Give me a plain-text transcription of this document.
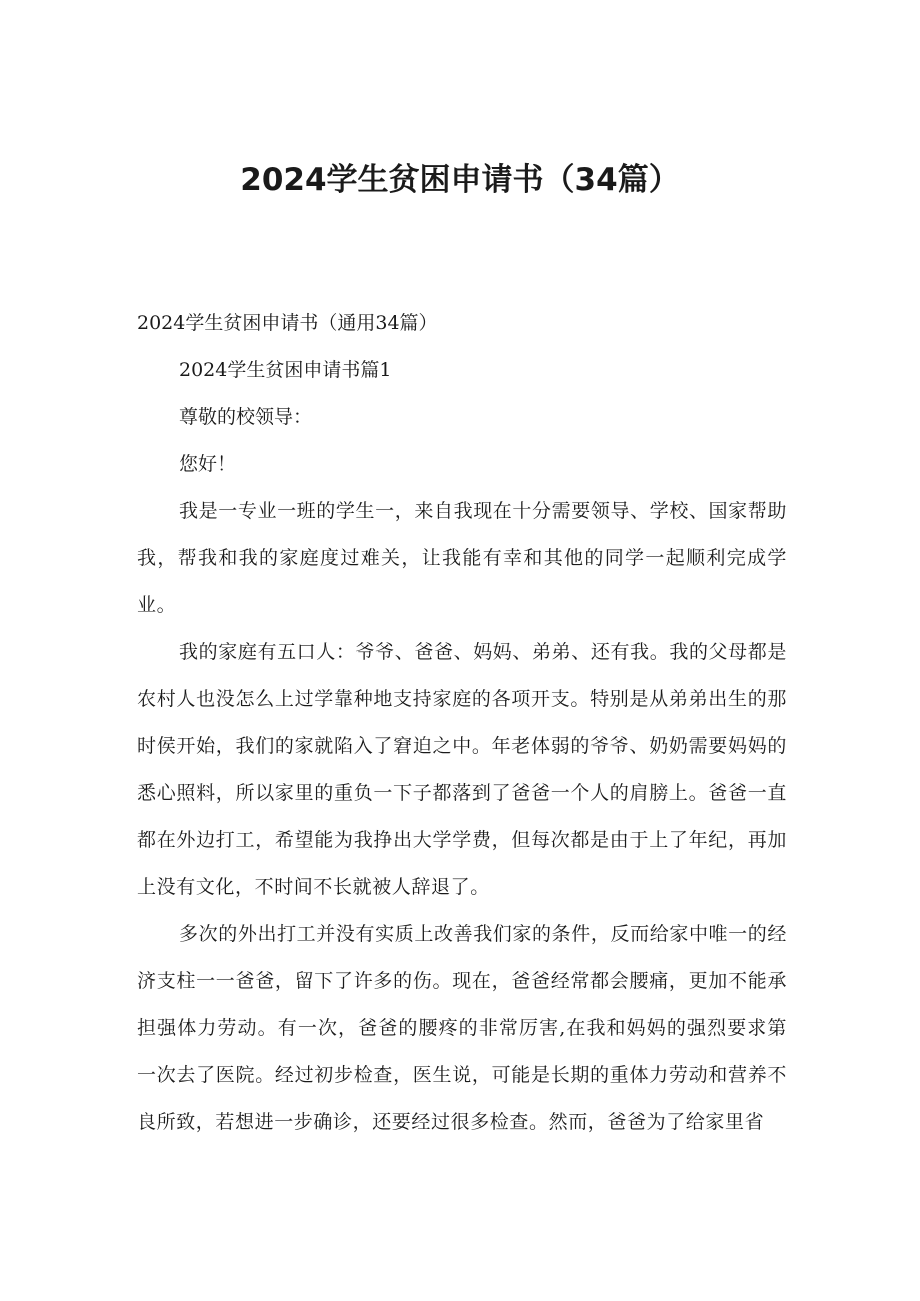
2024学生贫困申请书（34篇）

2024学生贫困申请书（通用34篇）

2024学生贫困申请书篇1

尊敬的校领导：

您好！

我是一专业一班的学生一，来自我现在十分需要领导、学校、国家帮助我，帮我和我的家庭度过难关，让我能有幸和其他的同学一起顺利完成学业。

我的家庭有五口人：爷爷、爸爸、妈妈、弟弟、还有我。我的父母都是农村人也没怎么上过学靠种地支持家庭的各项开支。特别是从弟弟出生的那时侯开始，我们的家就陷入了窘迫之中。年老体弱的爷爷、奶奶需要妈妈的悉心照料，所以家里的重负一下子都落到了爸爸一个人的肩膀上。爸爸一直都在外边打工，希望能为我挣出大学学费，但每次都是由于上了年纪，再加上没有文化，不时间不长就被人辞退了。

多次的外出打工并没有实质上改善我们家的条件，反而给家中唯一的经济支柱一一爸爸，留下了许多的伤。现在，爸爸经常都会腰痛，更加不能承担强体力劳动。有一次，爸爸的腰疼的非常厉害,在我和妈妈的强烈要求第一次去了医院。经过初步检查，医生说，可能是长期的重体力劳动和营养不良所致，若想进一步确诊，还要经过很多检查。然而，爸爸为了给家里省
